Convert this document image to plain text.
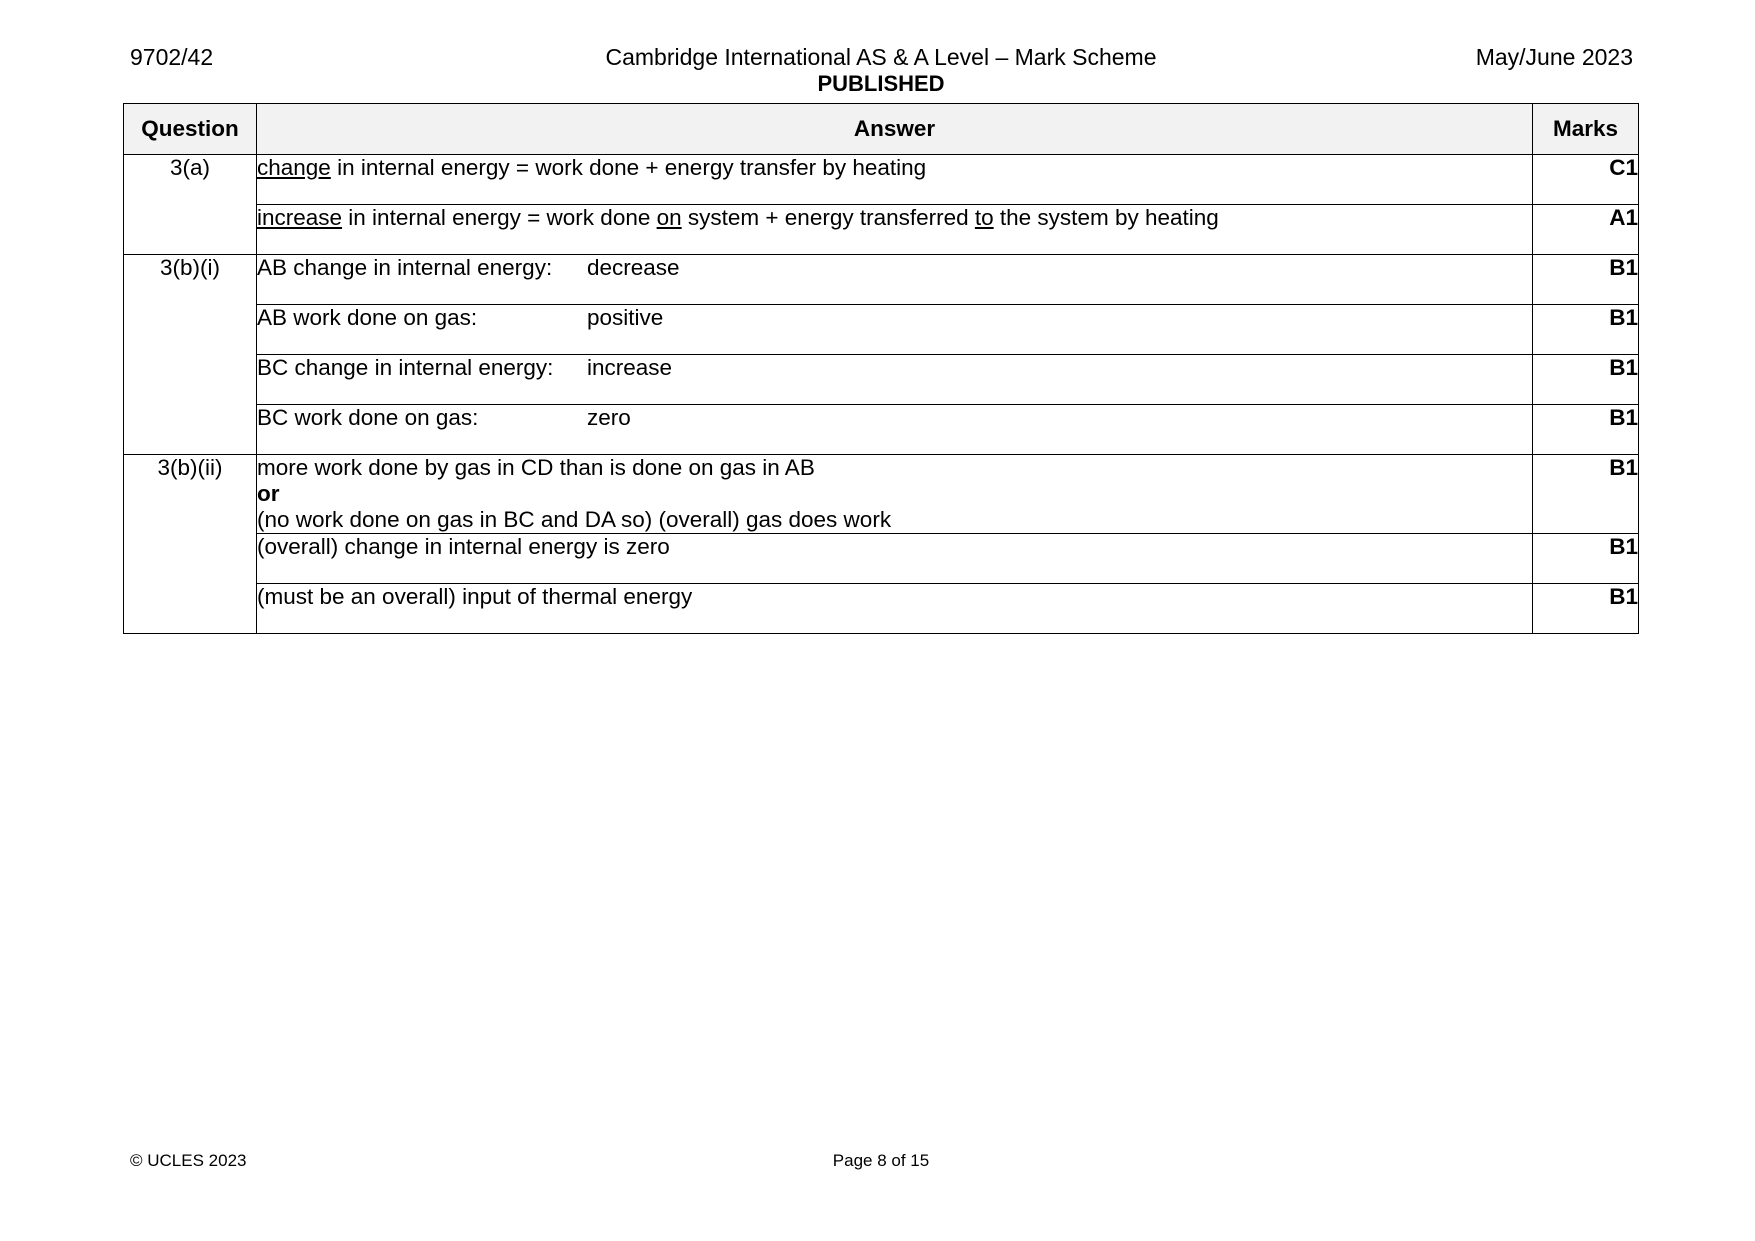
9702/42	Cambridge International AS & A Level – Mark Scheme
PUBLISHED
May/June 2023
Question	Answer	Marks
3(a)	change in internal energy = work done + energy transfer by heating	C1
	increase in internal energy = work done on system + energy transferred to the system by heating	A1
3(b)(i)	AB change in internal energy: decrease	B1
	AB work done on gas: positive	B1
	BC change in internal energy: increase	B1
	BC work done on gas: zero	B1
3(b)(ii)	more work done by gas in CD than is done on gas in AB
or
(no work done on gas in BC and DA so) (overall) gas does work	B1
	(overall) change in internal energy is zero	B1
	(must be an overall) input of thermal energy	B1
© UCLES 2023	Page 8 of 15
